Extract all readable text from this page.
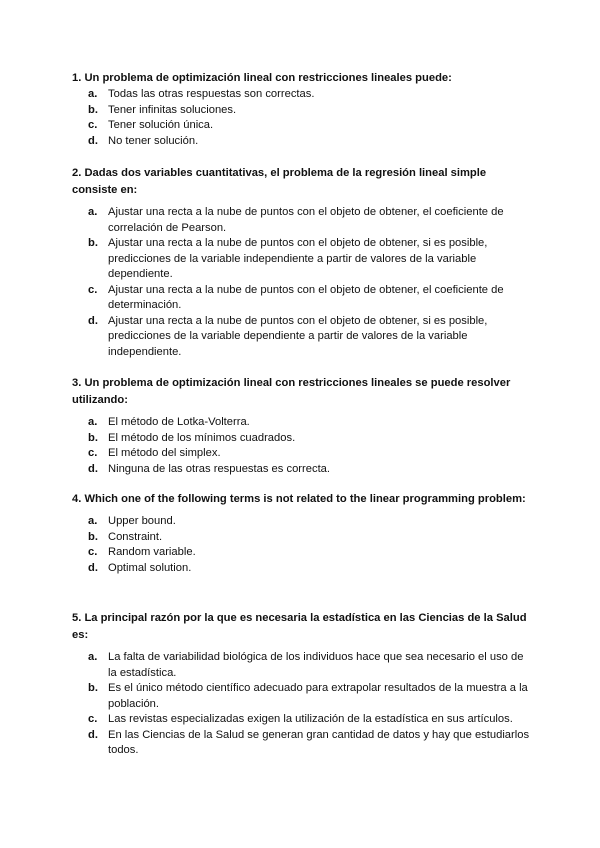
1. Un problema de optimización lineal con restricciones lineales puede:

a. Todas las otras respuestas son correctas.
b. Tener infinitas soluciones.
c. Tener solución única.
d. No tener solución.

2. Dadas dos variables cuantitativas, el problema de la regresión lineal simple consiste en:

a. Ajustar una recta a la nube de puntos con el objeto de obtener, el coeficiente de correlación de Pearson.
b. Ajustar una recta a la nube de puntos con el objeto de obtener, si es posible, predicciones de la variable independiente a partir de valores de la variable dependiente.
c. Ajustar una recta a la nube de puntos con el objeto de obtener, el coeficiente de determinación.
d. Ajustar una recta a la nube de puntos con el objeto de obtener, si es posible, predicciones de la variable dependiente a partir de valores de la variable independiente.

3. Un problema de optimización lineal con restricciones lineales se puede resolver utilizando:

a. El método de Lotka-Volterra.
b. El método de los mínimos cuadrados.
c. El método del simplex.
d. Ninguna de las otras respuestas es correcta.

4. Which one of the following terms is not related to the linear programming problem:

a. Upper bound.
b. Constraint.
c. Random variable.
d. Optimal solution.

5. La principal razón por la que es necesaria la estadística en las Ciencias de la Salud es:

a. La falta de variabilidad biológica de los individuos hace que sea necesario el uso de la estadística.
b. Es el único método científico adecuado para extrapolar resultados de la muestra a la población.
c. Las revistas especializadas exigen la utilización de la estadística en sus artículos.
d. En las Ciencias de la Salud se generan gran cantidad de datos y hay que estudiarlos todos.
